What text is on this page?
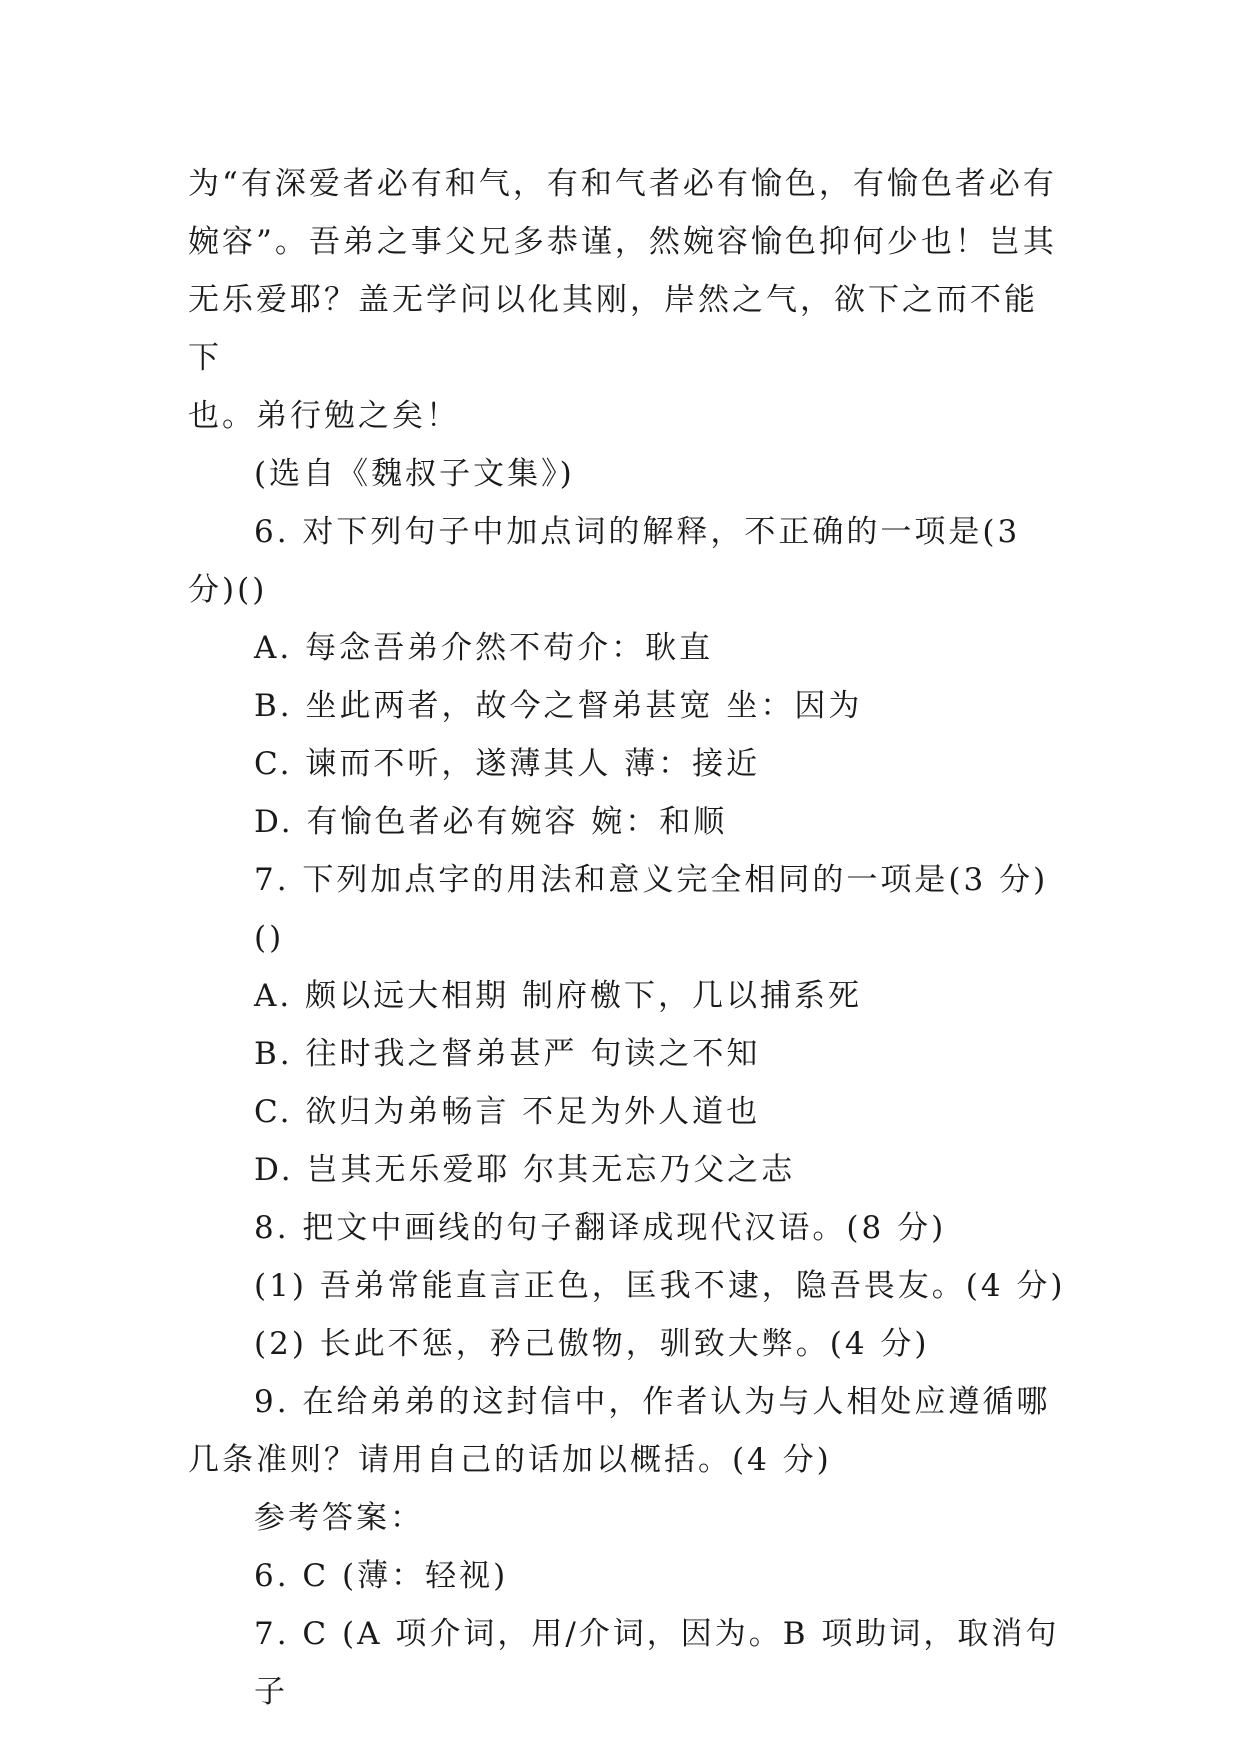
为“有深爱者必有和气，有和气者必有愉色，有愉色者必有

婉容”。吾弟之事父兄多恭谨，然婉容愉色抑何少也！岂其

无乐爱耶？盖无学问以化其刚，岸然之气，欲下之而不能下

也。弟行勉之矣！

(选自《魏叔子文集》)

6. 对下列句子中加点词的解释，不正确的一项是(3

分)()

A. 每念吾弟介然不苟介：耿直

B. 坐此两者，故今之督弟甚宽 坐：因为

C. 谏而不听，遂薄其人 薄：接近

D. 有愉色者必有婉容 婉：和顺

7. 下列加点字的用法和意义完全相同的一项是(3 分)()

A. 颇以远大相期 制府檄下，几以捕系死

B. 往时我之督弟甚严 句读之不知

C. 欲归为弟畅言 不足为外人道也

D. 岂其无乐爱耶 尔其无忘乃父之志

8. 把文中画线的句子翻译成现代汉语。(8 分)

(1) 吾弟常能直言正色，匡我不逮，隐吾畏友。(4 分)

(2) 长此不惩，矜己傲物，驯致大弊。(4 分)

9. 在给弟弟的这封信中，作者认为与人相处应遵循哪

几条准则？请用自己的话加以概括。(4 分)

参考答案：

6. C (薄：轻视)

7. C (A 项介词，用/介词，因为。B 项助词，取消句子
